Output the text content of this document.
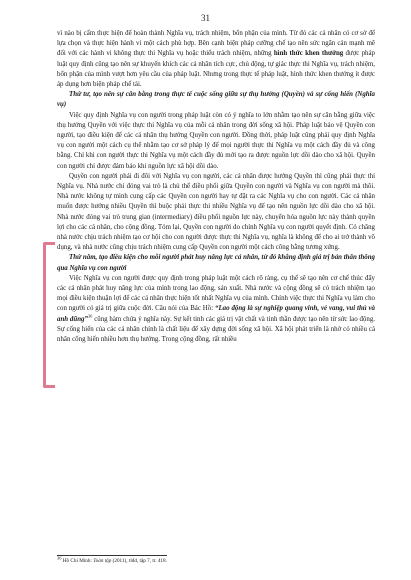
31

vì nào bị cấm thực hiện để hoàn thành Nghĩa vụ, trách nhiệm, bổn phận của mình. Từ đó các cá nhân có cơ sở để lựa chọn và thực hiện hành vi một cách phù hợp. Bên cạnh biện pháp cưỡng chế tạo nên sức ngăn cản mạnh mẽ đối với các hành vi không thực thi Nghĩa vụ hoặc thiếu trách nhiệm, những hình thức khen thưởng được pháp luật quy định cũng tạo nên sự khuyến khích các cá nhân tích cực, chủ động, tự giác thực thi Nghĩa vụ, trách nhiệm, bổn phận của mình vượt hơn yêu cầu của pháp luật. Nhưng trong thực tế pháp luật, hình thức khen thưởng ít được áp dụng hơn biện pháp chế tài.

Thứ tư, tạo nên sự cân bằng trong thực tế cuộc sống giữa sự thụ hưởng (Quyền) và sự cống hiến (Nghĩa vụ)

Việc quy định Nghĩa vụ con người trong pháp luật còn có ý nghĩa to lớn nhằm tạo nên sự cân bằng giữa việc thụ hưởng Quyền với việc thực thi Nghĩa vụ của mỗi cá nhân trong đời sống xã hội. Pháp luật bảo vệ Quyền con người, tạo điều kiện để các cá nhân thụ hưởng Quyền con người. Đồng thời, pháp luật cũng phải quy định Nghĩa vụ con người một cách cụ thể nhằm tạo cơ sở pháp lý để mọi người thực thi Nghĩa vụ một cách đầy đủ và công bằng. Chỉ khi con người thực thi Nghĩa vụ một cách đầy đủ mới tạo ra được nguồn lực dồi dào cho xã hội. Quyền con người chỉ được đảm bảo khi nguồn lực xã hội dồi dào.

Quyền con người phải đi đôi với Nghĩa vụ con người, các cá nhân được hưởng Quyền thì cũng phải thực thi Nghĩa vụ. Nhà nước chỉ đóng vai trò là chủ thể điều phối giữa Quyền con người và Nghĩa vụ con người mà thôi. Nhà nước không tự mình cung cấp các Quyền con người hay tự đặt ra các Nghĩa vụ cho con người. Các cá nhân muốn được hưởng nhiều Quyền thì buộc phải thực thi nhiều Nghĩa vụ để tạo nên nguồn lực dồi dào cho xã hội. Nhà nước đóng vai trò trung gian (intermediary) điều phối nguồn lực này, chuyển hóa nguồn lực này thành quyền lợi cho các cá nhân, cho cộng đồng. Tóm lại, Quyền con người do chính Nghĩa vụ con người quyết định. Có chăng nhà nước chịu trách nhiệm tạo cơ hội cho con người được thực thi Nghĩa vụ, nghĩa là không để cho ai trở thành vô dụng, và nhà nước cũng chịu trách nhiệm cung cấp Quyền con người một cách công bằng tương xứng.

Thứ năm, tạo điều kiện cho mỗi người phát huy năng lực cá nhân, từ đó khẳng định giá trị bản thân thông qua Nghĩa vụ con người

Việc Nghĩa vụ con người được quy định trong pháp luật một cách rõ ràng, cụ thể sẽ tạo nên cơ chế thúc đẩy các cá nhân phát huy năng lực của mình trong lao động, sản xuất. Nhà nước và cộng đồng sẽ có trách nhiệm tạo mọi điều kiện thuận lợi để các cá nhân thực hiện tốt nhất Nghĩa vụ của mình. Chính việc thực thi Nghĩa vụ làm cho con người có giá trị giữa cuộc đời. Câu nói của Bác Hồ: “Lao động là sự nghiệp quang vinh, vẻ vang, vui thú và anh dũng”$^{36}$ cũng hàm chứa ý nghĩa này. Sự kết tinh các giá trị vật chất và tinh thần được tạo nên từ sức lao động. Sự cống hiến của các cá nhân chính là chất liệu để xây dựng đời sống xã hội. Xã hội phát triển là nhờ có nhiều cá nhân cống hiến nhiều hơn thụ hưởng. Trong cộng đồng, rất nhiều

$^{36}$ Hồ Chí Minh: Toàn tập (2011), tlđd, tập 7, tr. 418.
